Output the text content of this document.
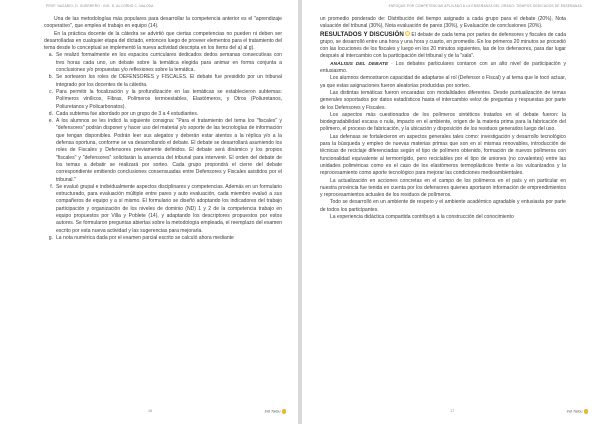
PROF. NAZARIO, D. GUERRERO · ING. D. ALCORNO C. NALODA

Una de las metodologías más populares para desarrollar la competencia anterior es el "aprendizaje cooperativo", que emplea el trabajo en equipo (14).

En la práctica docente de la cátedra se advirtió que ciertas competencias no pueden ni deben ser desarrolladas en cualquier etapa del dictado, entonces luego de proveer elementos para el tratamiento del tema desde lo conceptual se implementó la nueva actividad descripta en los ítems del a) al g).

a. Se realizó formalmente en los espacios curriculares dedicados dedos semanas consecutivas con tres horas cada uno, un debate sobre la temática elegida para animar en forma conjunta a conclusiones y/o propuestas y/o reflexiones sobre la temática.
b. Se sortearon los roles de DEFENSORES y FISCALES. El debate fue presidido por un tribunal integrado por los docentes de la cátedra.
c. Para permitir la focalización y la profundización en las temáticas se establecieron subtemas: Polímeros vinílicos, Fibras, Polímeros termoestables, Elastómeros, y Otros (Poliuretanos, Poliuretanos y Policarbonatos).
d. Cada subtema fue abordado por un grupo de 3 a 4 estudiantes.
e. A los alumnos se les indicó la siguiente consigna: "Para el tratamiento del tema los "fiscales" y "defensores" podrán disponer y hacer uso del material y/o soporte de las tecnologías de información que tengan disponibles. Podrán leer sus alegatos y deberán estar atentos a la réplica y/o a la defensa oportuna, conforme se va desarrollando el debate. El debate se desarrollará asumiendo los roles de Fiscales y Defensores previamente definidos. El debate será dinámico y los propios "fiscales" y "defensores" solicitarán la anuencia del tribunal para intervenir. El orden del debate de los temas a debatir se realizará por sorteo. Cada grupo propondrá el cierre del debate correspondiente emitiendo conclusiones consensuadas entre Defensores y Fiscales asistidos por el tribunal."
f. Se evaluó grupal e individualmente aspectos disciplinares y competencias. Además en un formulario estructurado, para evaluación múltiple entre pares y auto evaluación, cada miembro evaluó a sus compañeros de equipo y a sí mismo. El formulario se diseñó adoptando los indicadores del trabajo participación y organización de los niveles de dominio (ND) 1 y 2 de la competencia trabajo en equipo propuestos por Villa y Poblete (14), y adaptando los descriptores propuestos por estos autores. Se formularon preguntas abiertas sobre la metodología empleada, el reemplazo del examen escrito por esta nueva actividad y las sugerencias para mejorarla.
g. La nota numérica dada por el examen parcial escrito se calculó ahora mediante
16	Ind Tarbu
ENFOQUE POR COMPETENCIAS APLICADO A LA ENSEÑANZA DEL GRADO: TIEMPOS DEDICADOS DE ENSEÑANZA

un promedio ponderado de: Distribución del tiempo asignado a cada grupo para el debate (20%), Nota valuación del tribunal (30%), Nota evaluación de pares (30%), y Evaluación de conclusiones (20%).

RESULTADOS Y DISCUSIÓN El debate de cada tema por partes de defensores y fiscales de cada grupo, se desarrolló entre una hora y una hora y cuarto, en promedio. En los primeros 20 minutos se procedió con las locuciones de los fiscales y luego en los 20 minutos siguientes, las de los defensores, para dar lugar después al intercambio con la participación del tribunal y de la "sala".

ANÁLISIS DEL DEBATE · Los debates particulares contaron con un alto nivel de participación y entusiasmo.

Los alumnos demostraron capacidad de adaptarse al rol (Defensor o Fiscal) y al tema que le tocó actuar, ya que estas asignaciones fueron aleatorias producidas por sorteo.

Las distintas temáticas fueron encaradas con modalidades diferentes. Desde puntualización de temas generales soportados por datos estadísticos hasta el intercambio veloz de preguntas y respuestas por parte de los Defensores y Fiscales.

Los aspectos más cuestionados de los polímeros sintéticos tratados en el debate fueron: la biodegradabilidad escasa o nula, impacto en el ambiente, origen de la materia prima para la fabricación del polímero, el proceso de fabricación, y la ubicación y disposición de los residuos generados luego del uso.

Las defensas se fortalecieron en aspectos generales tales como: investigación y desarrollo tecnológico para la búsqueda y empleo de nuevas materias primas que son en sí mismas renovables, introducción de técnicas de reciclaje diferenciadas según el tipo de polímero obtenido, formación de nuevos polímeros con funcionalidad equivalente al termorrígido, pero reciclables por el tipo de uniones (no covalentes) entre las unidades poliméricas como es el caso de los elastómeros termoplásticos frente a los vulcanizados y la reprocesamiento como aporte tecnológico para mejorar las condiciones medioambientales.

La actualización en acciones concretas en el campo de los polímeros en el país y en particular en nuestra provincia fue tenida en cuenta por los defensores quienes aportaron información de emprendimientos y reprocesamientos actuales de los residuos de polímeros.

Todo se desarrolló en un ambiente de respeto y el ambiente académico agradable y entusiasta por parte de todos los participantes.

La experiencia didáctica compartida contribuyó a la construcción del conocimiento

17	Ind Tarbu
